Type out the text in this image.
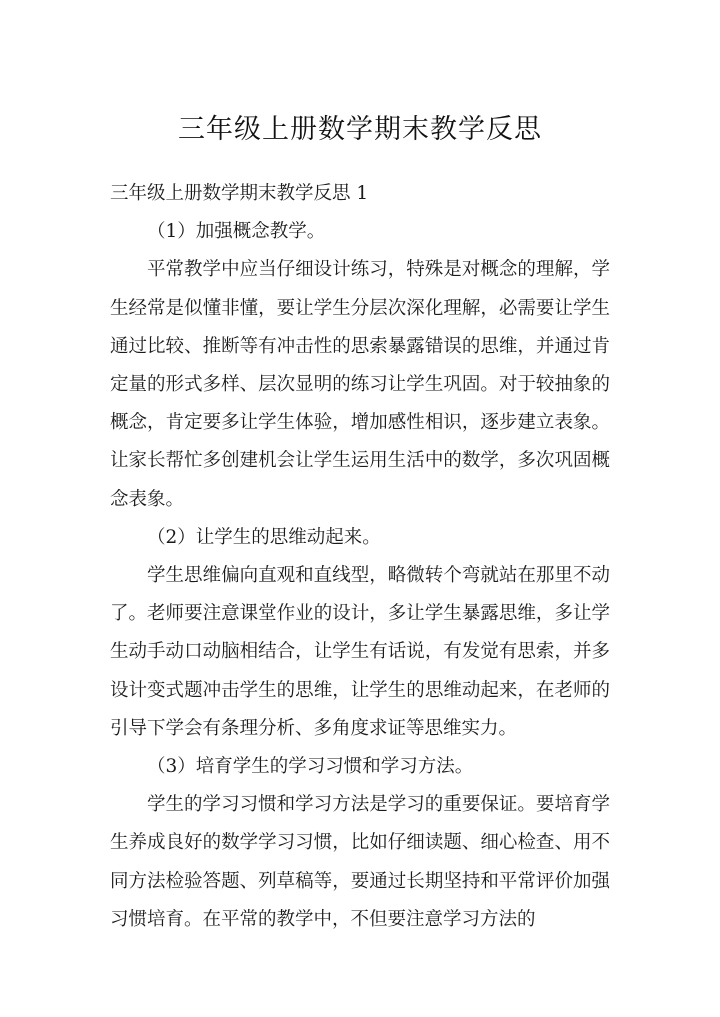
三年级上册数学期末教学反思

三年级上册数学期末教学反思 1

（1）加强概念教学。

平常教学中应当仔细设计练习，特殊是对概念的理解，学生经常是似懂非懂，要让学生分层次深化理解，必需要让学生通过比较、推断等有冲击性的思索暴露错误的思维，并通过肯定量的形式多样、层次显明的练习让学生巩固。对于较抽象的概念，肯定要多让学生体验，增加感性相识，逐步建立表象。让家长帮忙多创建机会让学生运用生活中的数学，多次巩固概念表象。

（2）让学生的思维动起来。

学生思维偏向直观和直线型，略微转个弯就站在那里不动了。老师要注意课堂作业的设计，多让学生暴露思维，多让学生动手动口动脑相结合，让学生有话说，有发觉有思索，并多设计变式题冲击学生的思维，让学生的思维动起来，在老师的引导下学会有条理分析、多角度求证等思维实力。

（3）培育学生的学习习惯和学习方法。

学生的学习习惯和学习方法是学习的重要保证。要培育学生养成良好的数学学习习惯，比如仔细读题、细心检查、用不同方法检验答题、列草稿等，要通过长期坚持和平常评价加强习惯培育。在平常的教学中，不但要注意学习方法的
